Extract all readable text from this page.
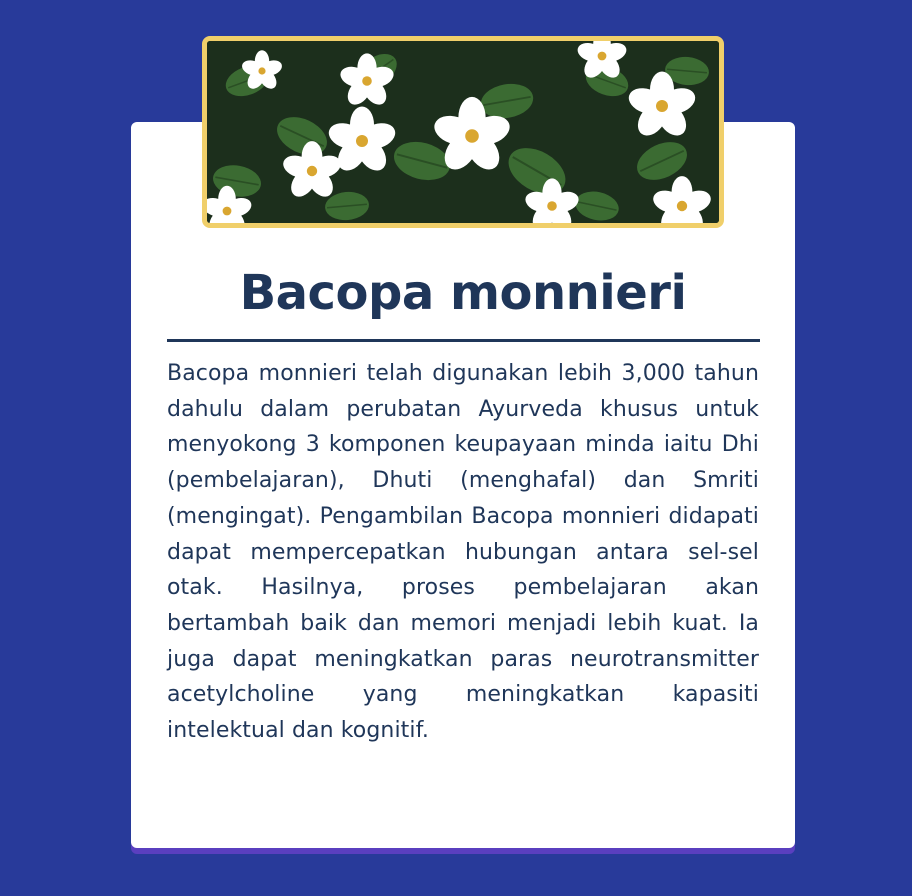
Bacopa monnieri

Bacopa monnieri telah digunakan lebih 3,000 tahun dahulu dalam perubatan Ayurveda khusus untuk menyokong 3 komponen keupayaan minda iaitu Dhi (pembelajaran), Dhuti (menghafal) dan Smriti (mengingat). Pengambilan Bacopa monnieri didapati dapat mempercepatkan hubungan antara sel-sel otak. Hasilnya, proses pembelajaran akan bertambah baik dan memori menjadi lebih kuat. Ia juga dapat meningkatkan paras neurotransmitter acetylcholine yang meningkatkan kapasiti intelektual dan kognitif.
